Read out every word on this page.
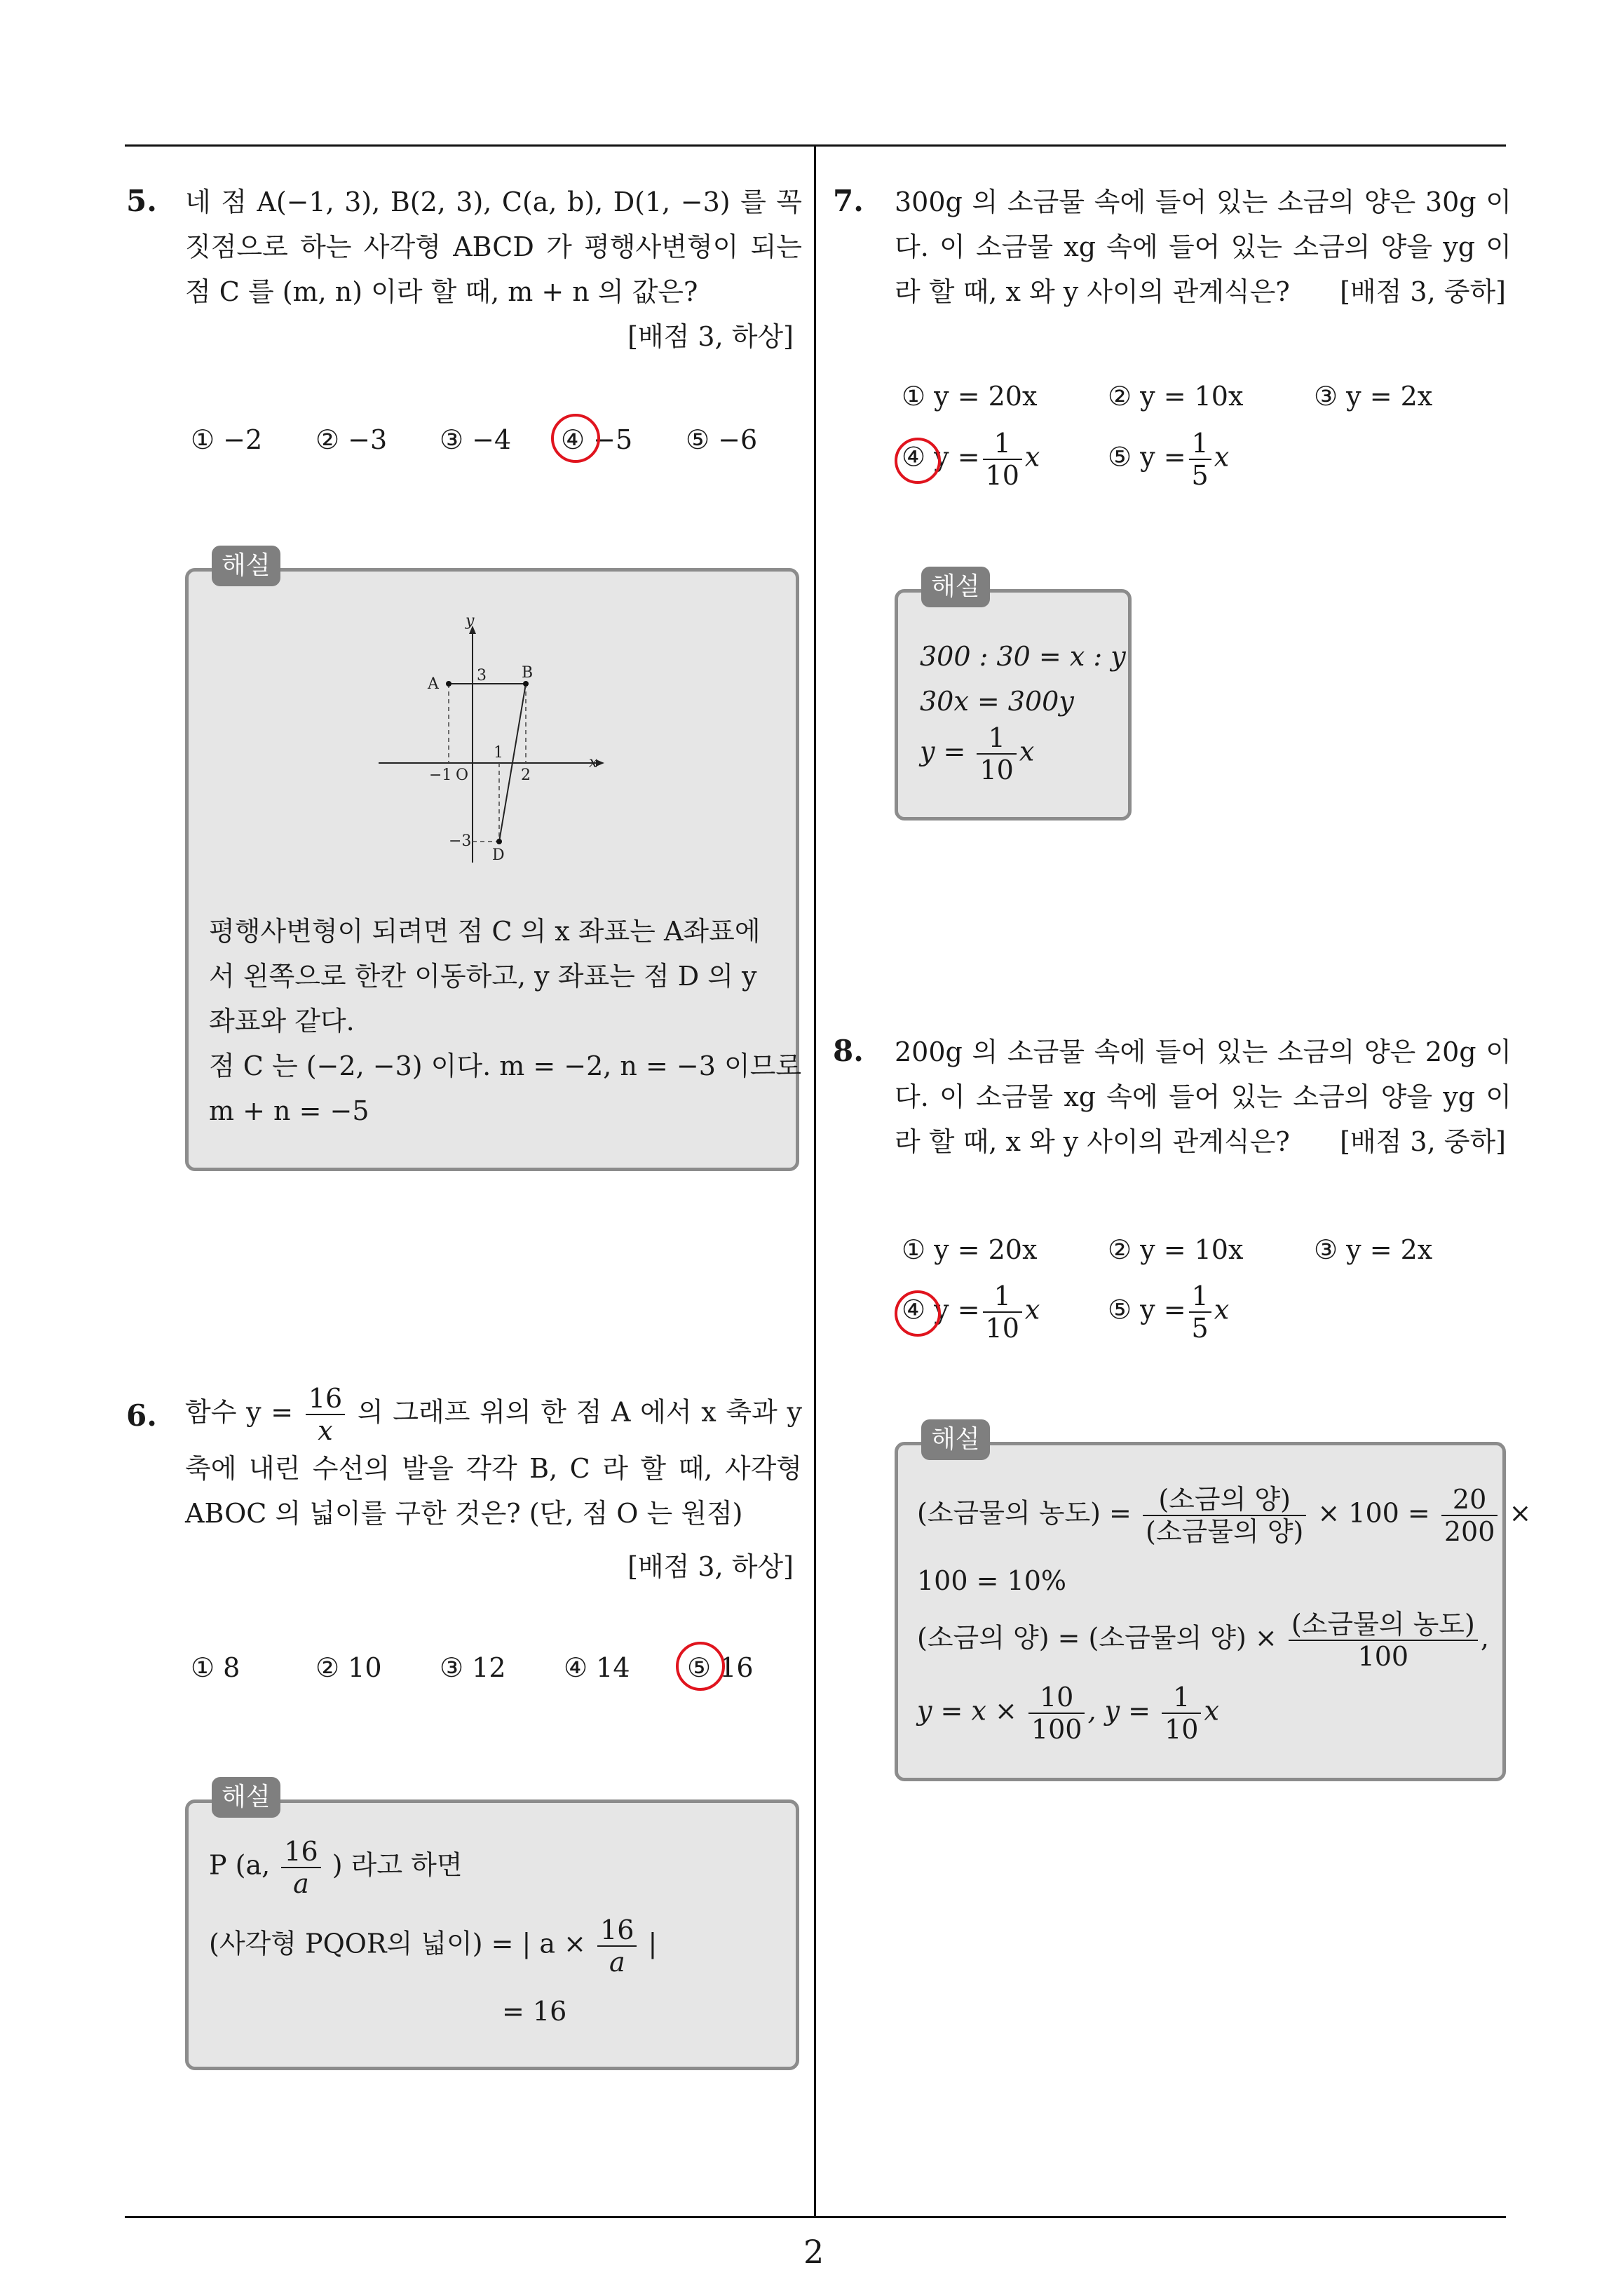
5. 네 점 A(−1, 3), B(2, 3), C(a, b), D(1, −3) 를 꼭짓점으로 하는 사각형 ABCD 가 평행사변형이 되는 점 C 를 (m, n) 이라 할 때, m + n 의 값은?
[배점 3, 하상]
① −2 ② −3 ③ −4 ④ −5 ⑤ −6
해설
y
x
A
B
D
O
3
−1
1
2
−3
평행사변형이 되려면 점 C 의 x 좌표는 A좌표에
서 왼쪽으로 한칸 이동하고, y 좌표는 점 D 의 y
좌표와 같다.
점 C 는 (−2, −3) 이다. m = −2, n = −3 이므로
m + n = −5
6. 함수 $y = \frac{16}{x}$ 의 그래프 위의 한 점 A 에서 x 축과 y 축에 내린 수선의 발을 각각 B, C 라 할 때, 사각형 ABOC 의 넓이를 구한 것은? (단, 점 O 는 원점)
[배점 3, 하상]
① 8	② 10 ③ 12 ④ 14 ⑤ 16
해설
P (a, $\frac{16}{a}$ ) 라고 하면
(사각형 PQOR의 넓이) = | $a \times \frac{16}{a}$ |
= 16
7. 300g 의 소금물 속에 들어 있는 소금의 양은 30g 이다. 이 소금물 xg 속에 들어 있는 소금의 양을 yg 이라 할 때, x 와 y 사이의 관계식은?	[배점 3, 중하]
① y = 20x	② y = 10x	③ y = 2x
④ $y = \frac{1}{10}$ x	⑤ $y = \frac{1}{5}$ x
해설
300 : 30 = x : y
30x = 300y
$y = \frac{1}{10}$ x
8. 200g 의 소금물 속에 들어 있는 소금의 양은 20g 이다. 이 소금물 xg 속에 들어 있는 소금의 양을 yg 이라 할 때, x 와 y 사이의 관계식은?	[배점 3, 중하]
① y = 20x	② y = 10x	③ y = 2x
④ $y = \frac{1}{10}$ x	⑤ $y = \frac{1}{5}$ x
해설
(소금물의 농도) = $\frac{\text{(소금의 양)}}{\text{(소금물의 양)}} \times 100 = \frac{20}{200}$ ×
100 = 10%
(소금의 양) = (소금물의 양) × $\frac{\text{(소금물의 농도)}}{100}$ ,
$y = x \times \frac{10}{100}$ , $y = \frac{1}{10}$ x
2
